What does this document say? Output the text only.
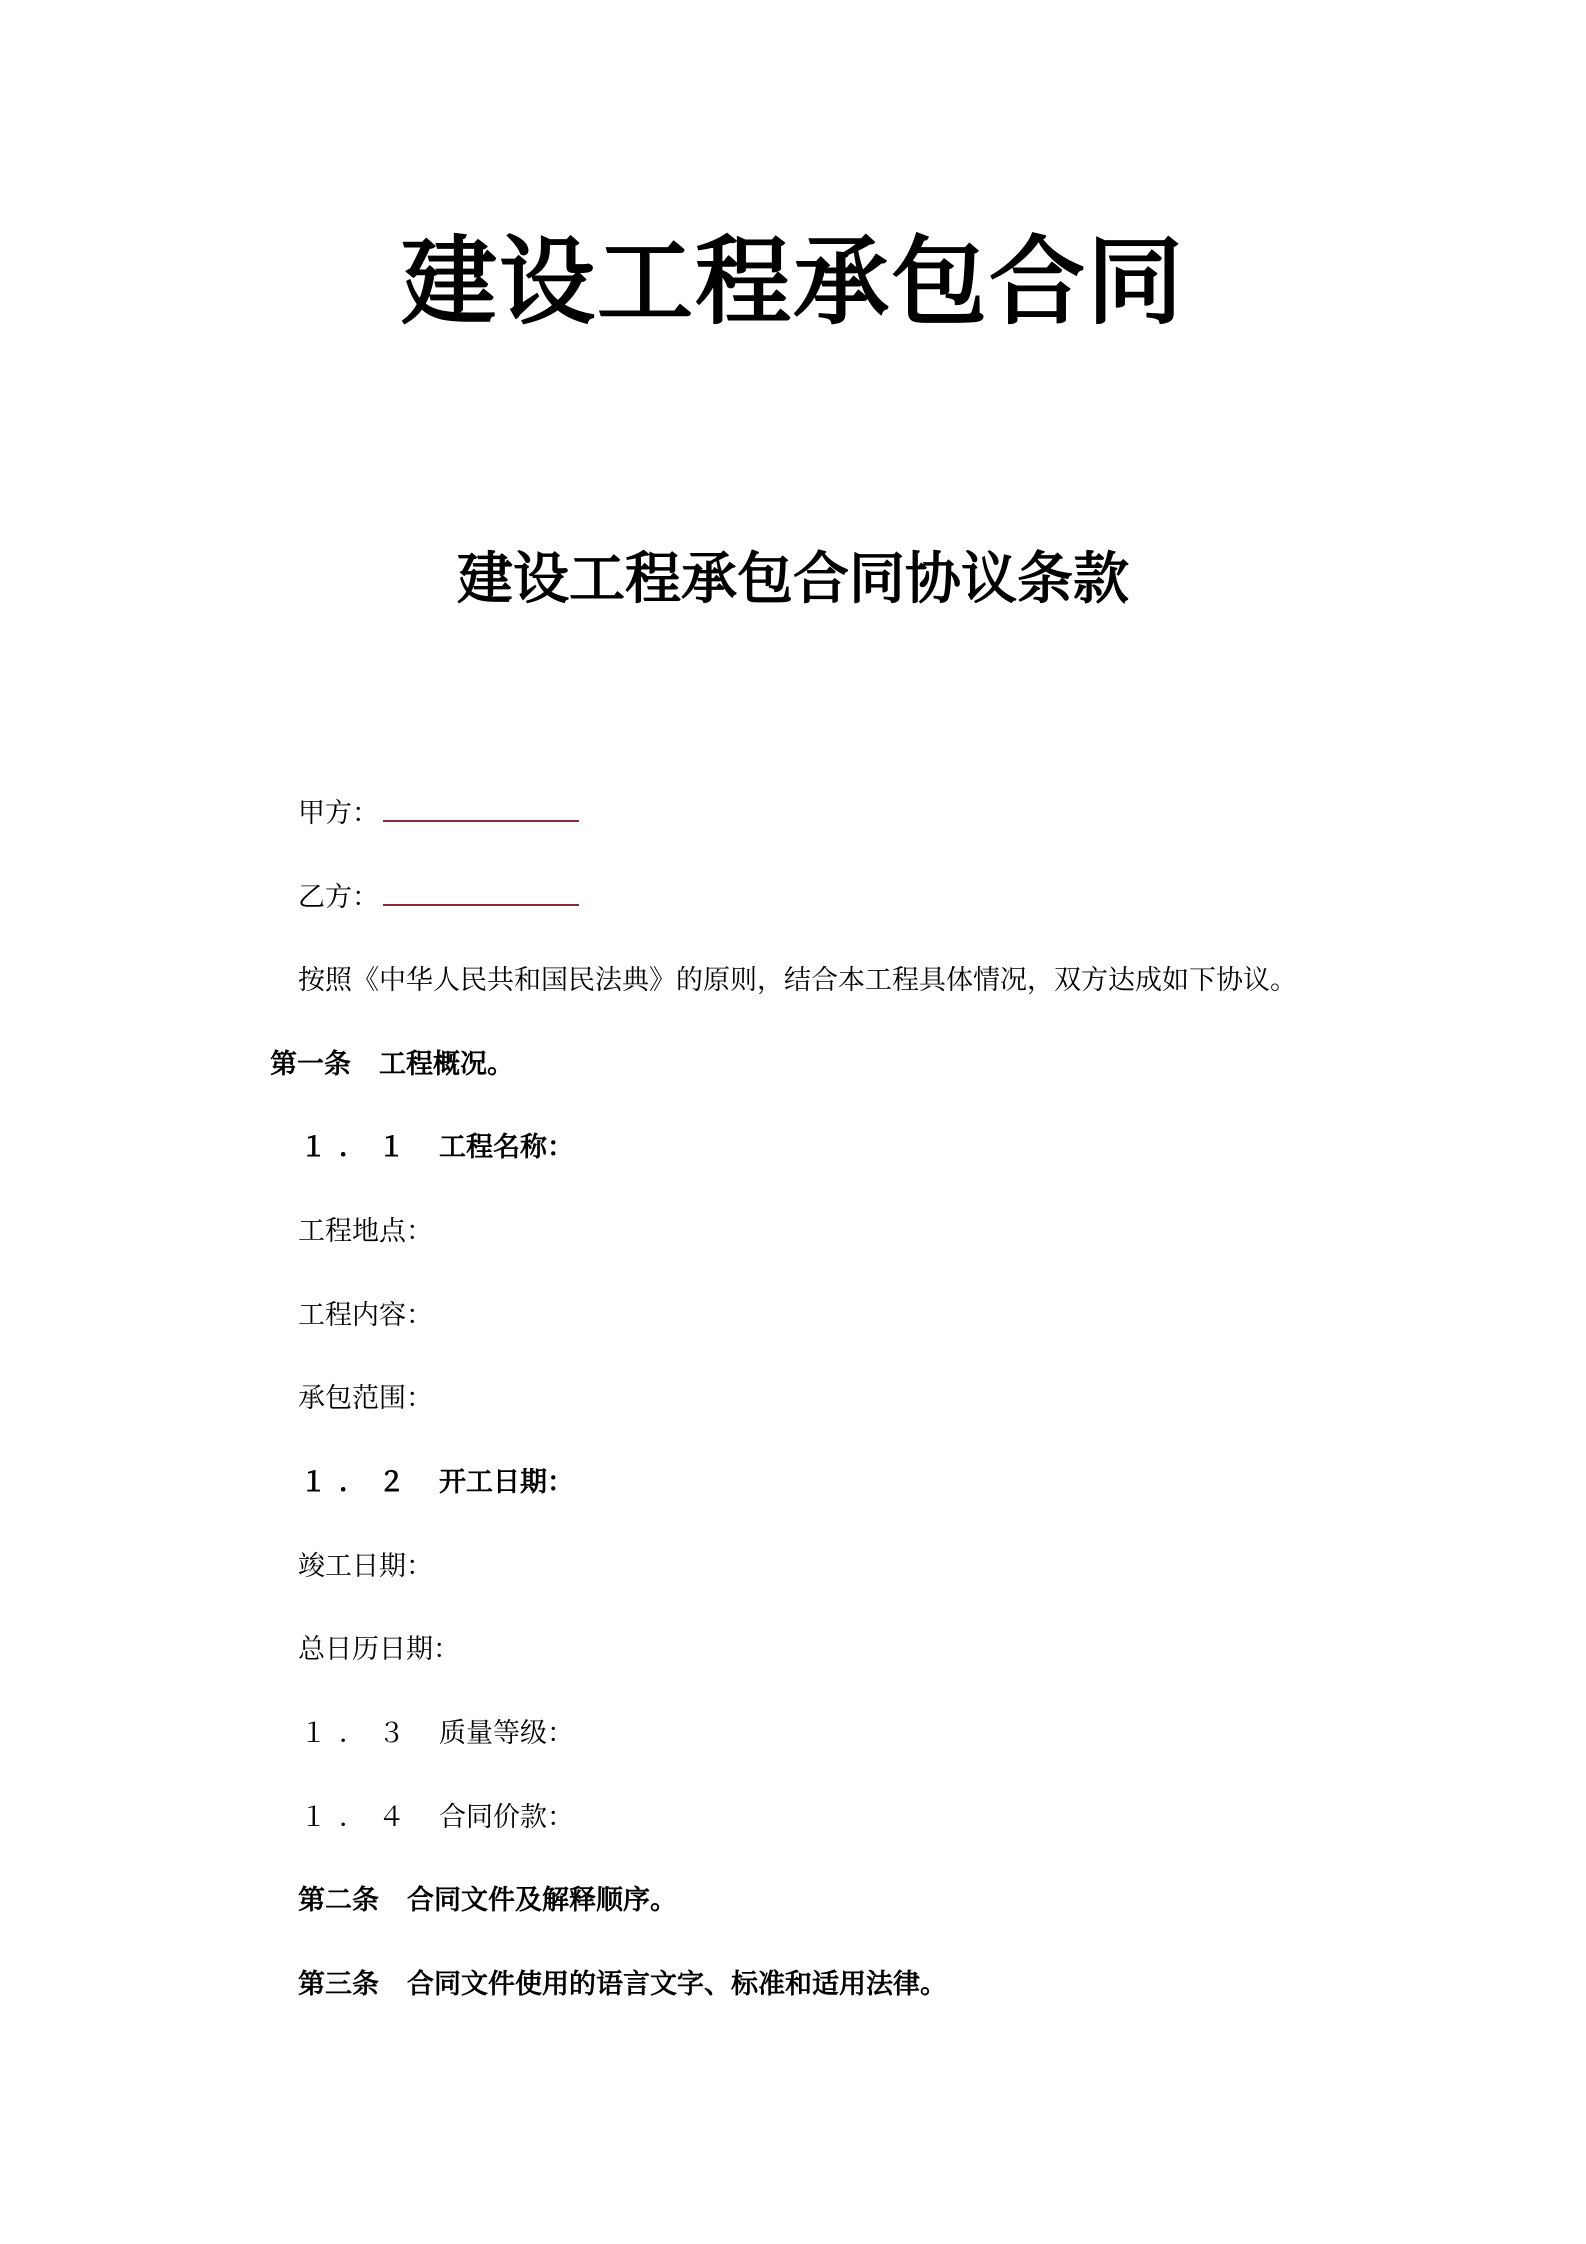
建设工程承包合同
建设工程承包合同协议条款
甲方：
乙方：
按照《中华人民共和国民法典》的原则，结合本工程具体情况，双方达成如下协议。
第一条 工程概况。
１．１ 工程名称：
工程地点：
工程内容：
承包范围：
１．２ 开工日期：
竣工日期：
总日历日期：
１．３ 质量等级：
１．４ 合同价款：
第二条 合同文件及解释顺序。
第三条 合同文件使用的语言文字、标准和适用法律。
